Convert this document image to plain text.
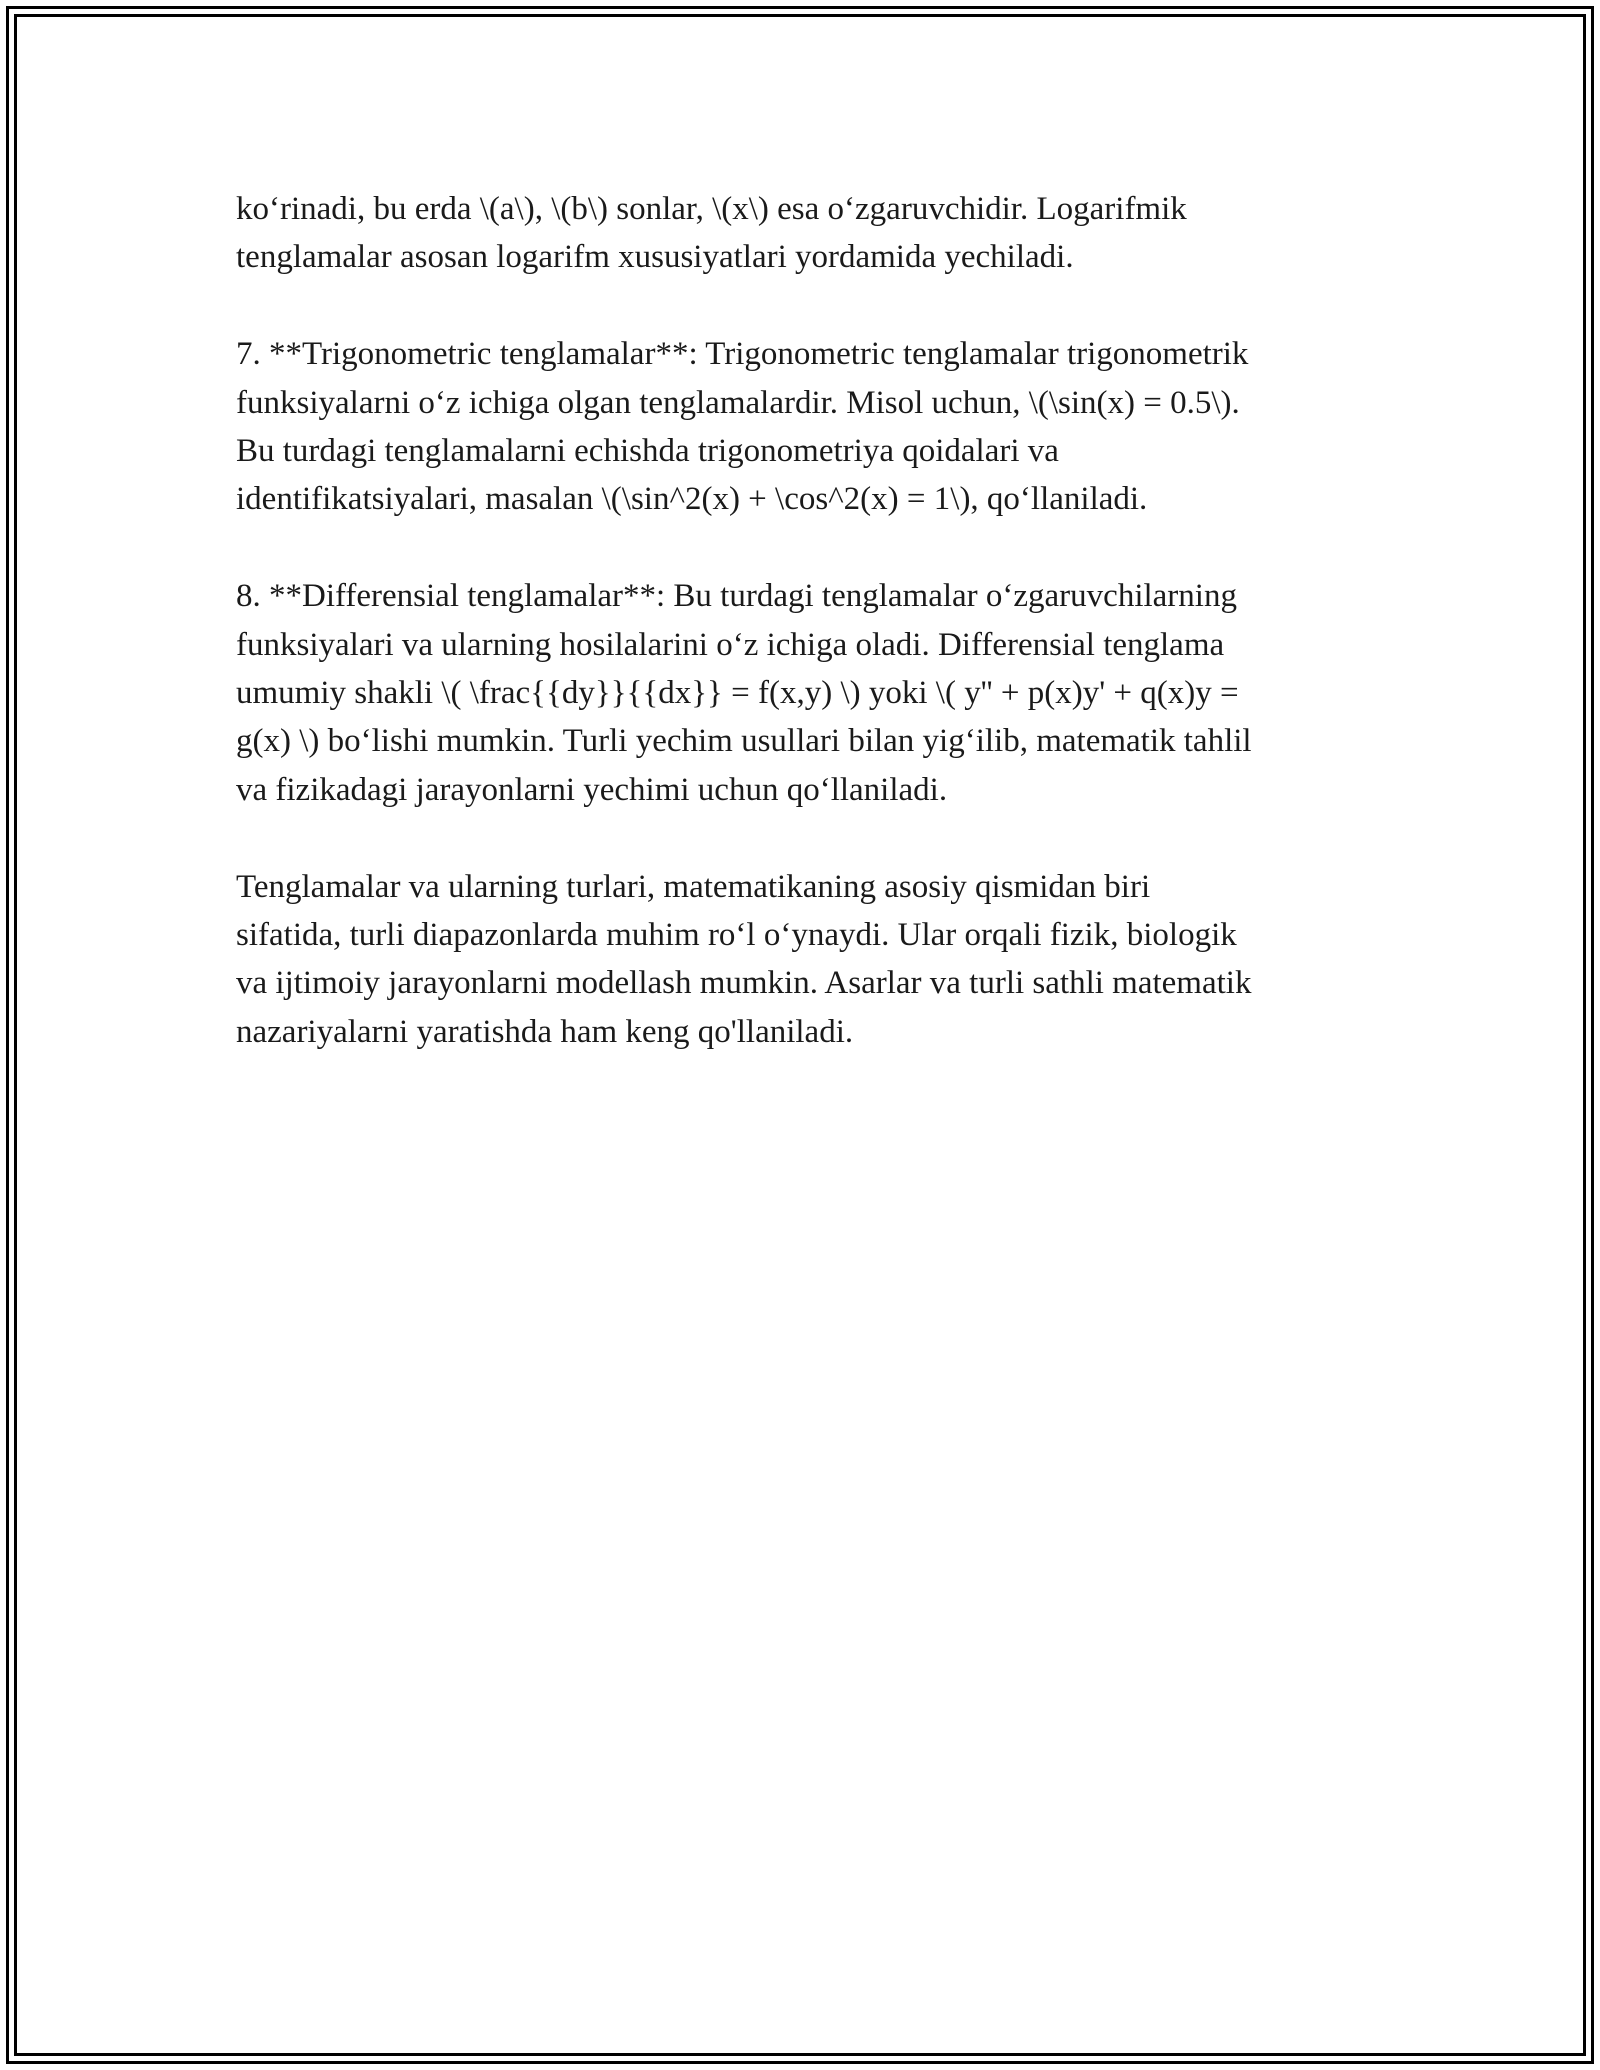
ko‘rinadi, bu erda \(a\), \(b\) sonlar, \(x\) esa o‘zgaruvchidir. Logarifmik
tenglamalar asosan logarifm xususiyatlari yordamida yechiladi.

7. **Trigonometric tenglamalar**: Trigonometric tenglamalar trigonometrik
funksiyalarni o‘z ichiga olgan tenglamalardir. Misol uchun, \(\sin(x) = 0.5\).
Bu turdagi tenglamalarni echishda trigonometriya qoidalari va
identifikatsiyalari, masalan \(\sin^2(x) + \cos^2(x) = 1\), qo‘llaniladi.

8. **Differensial tenglamalar**: Bu turdagi tenglamalar o‘zgaruvchilarning
funksiyalari va ularning hosilalarini o‘z ichiga oladi. Differensial tenglama
umumiy shakli \( \frac{{dy}}{{dx}} = f(x,y) \) yoki \( y'' + p(x)y' + q(x)y =
g(x) \) bo‘lishi mumkin. Turli yechim usullari bilan yig‘ilib, matematik tahlil
va fizikadagi jarayonlarni yechimi uchun qo‘llaniladi.

Tenglamalar va ularning turlari, matematikaning asosiy qismidan biri
sifatida, turli diapazonlarda muhim ro‘l o‘ynaydi. Ular orqali fizik, biologik
va ijtimoiy jarayonlarni modellash mumkin. Asarlar va turli sathli matematik
nazariyalarni yaratishda ham keng qo'llaniladi.
